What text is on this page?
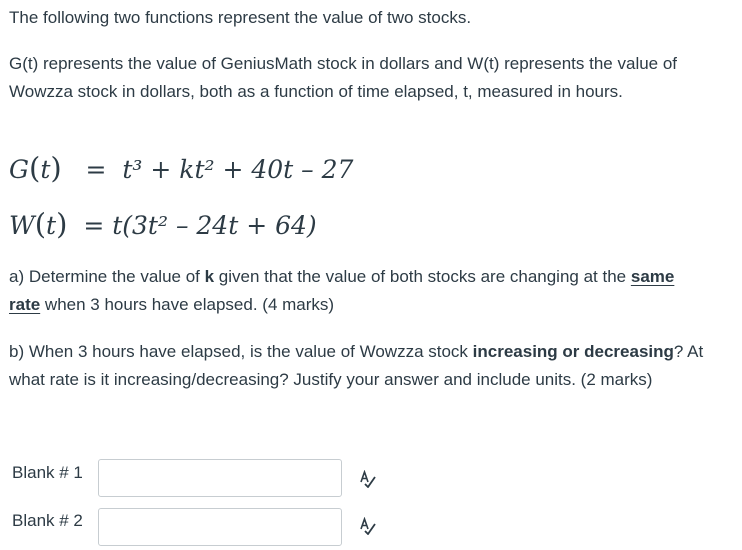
The following two functions represent the value of two stocks.
G(t) represents the value of GeniusMath stock in dollars and W(t) represents the value of Wowzza stock in dollars, both as a function of time elapsed, t, measured in hours.
G(t) = t³ + kt² + 40t – 27
W(t) = t(3t² – 24t + 64)
a) Determine the value of k given that the value of both stocks are changing at the same rate when 3 hours have elapsed. (4 marks)
b) When 3 hours have elapsed, is the value of Wowzza stock increasing or decreasing? At what rate is it increasing/decreasing? Justify your answer and include units. (2 marks)
Blank # 1
Blank # 2
